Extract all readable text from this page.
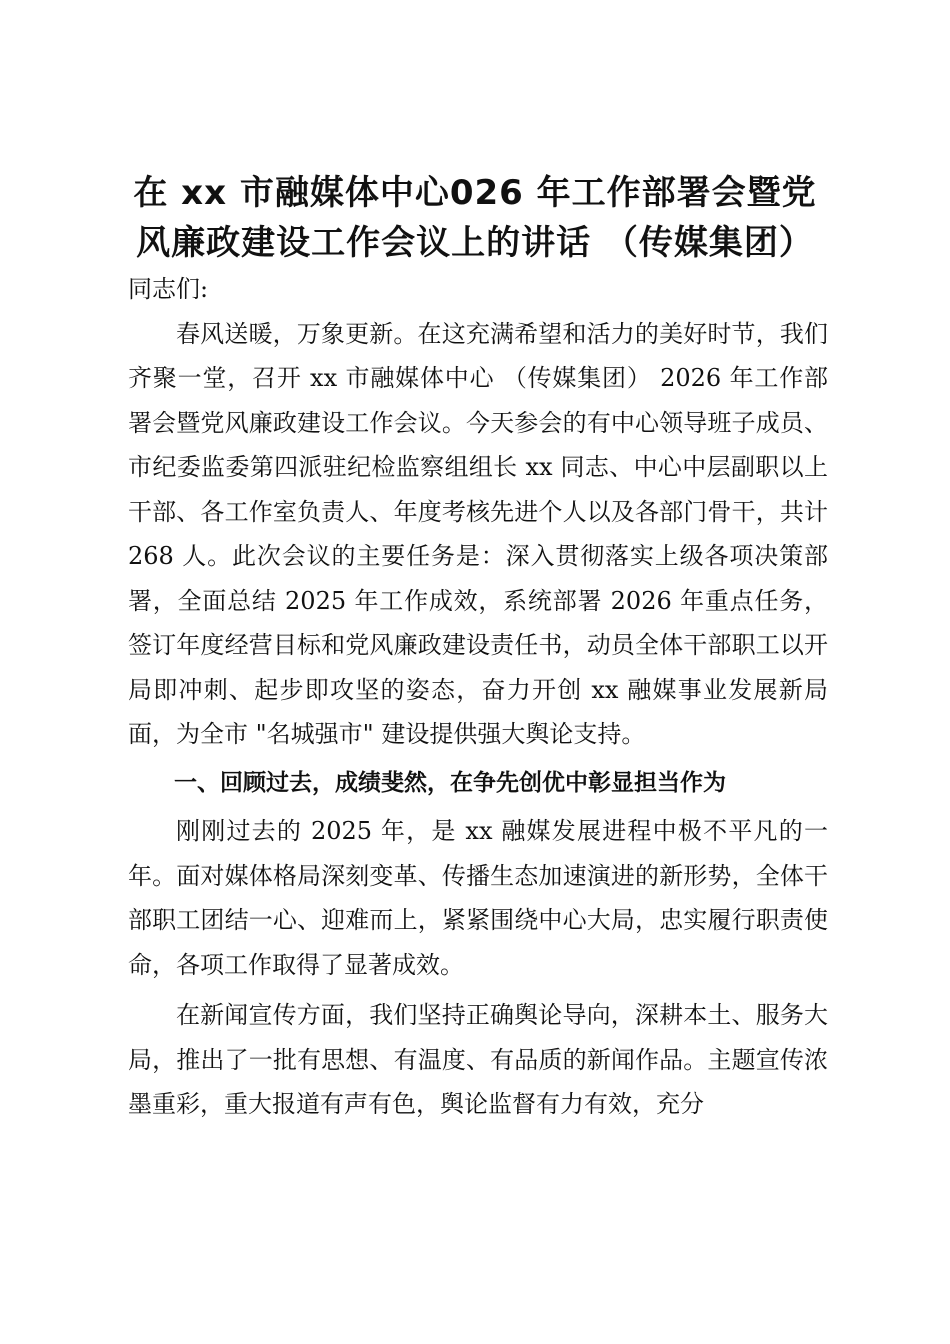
在 xx 市融媒体中心026 年工作部署会暨党
风廉政建设工作会议上的讲话 （传媒集团）

同志们:

春风送暖，万象更新。在这充满希望和活力的美好时节，我们齐聚一堂，召开 xx 市融媒体中心 （传媒集团） 2026 年工作部署会暨党风廉政建设工作会议。今天参会的有中心领导班子成员、市纪委监委第四派驻纪检监察组组长 xx 同志、中心中层副职以上干部、各工作室负责人、年度考核先进个人以及各部门骨干，共计 268 人。此次会议的主要任务是：深入贯彻落实上级各项决策部署，全面总结 2025 年工作成效，系统部署 2026 年重点任务，签订年度经营目标和党风廉政建设责任书，动员全体干部职工以开局即冲刺、起步即攻坚的姿态，奋力开创 xx 融媒事业发展新局面，为全市 "名城强市" 建设提供强大舆论支持。

一、回顾过去，成绩斐然，在争先创优中彰显担当作为

刚刚过去的 2025 年，是 xx 融媒发展进程中极不平凡的一年。面对媒体格局深刻变革、传播生态加速演进的新形势，全体干部职工团结一心、迎难而上，紧紧围绕中心大局，忠实履行职责使命，各项工作取得了显著成效。

在新闻宣传方面，我们坚持正确舆论导向，深耕本土、服务大局，推出了一批有思想、有温度、有品质的新闻作品。主题宣传浓墨重彩，重大报道有声有色，舆论监督有力有效，充分
